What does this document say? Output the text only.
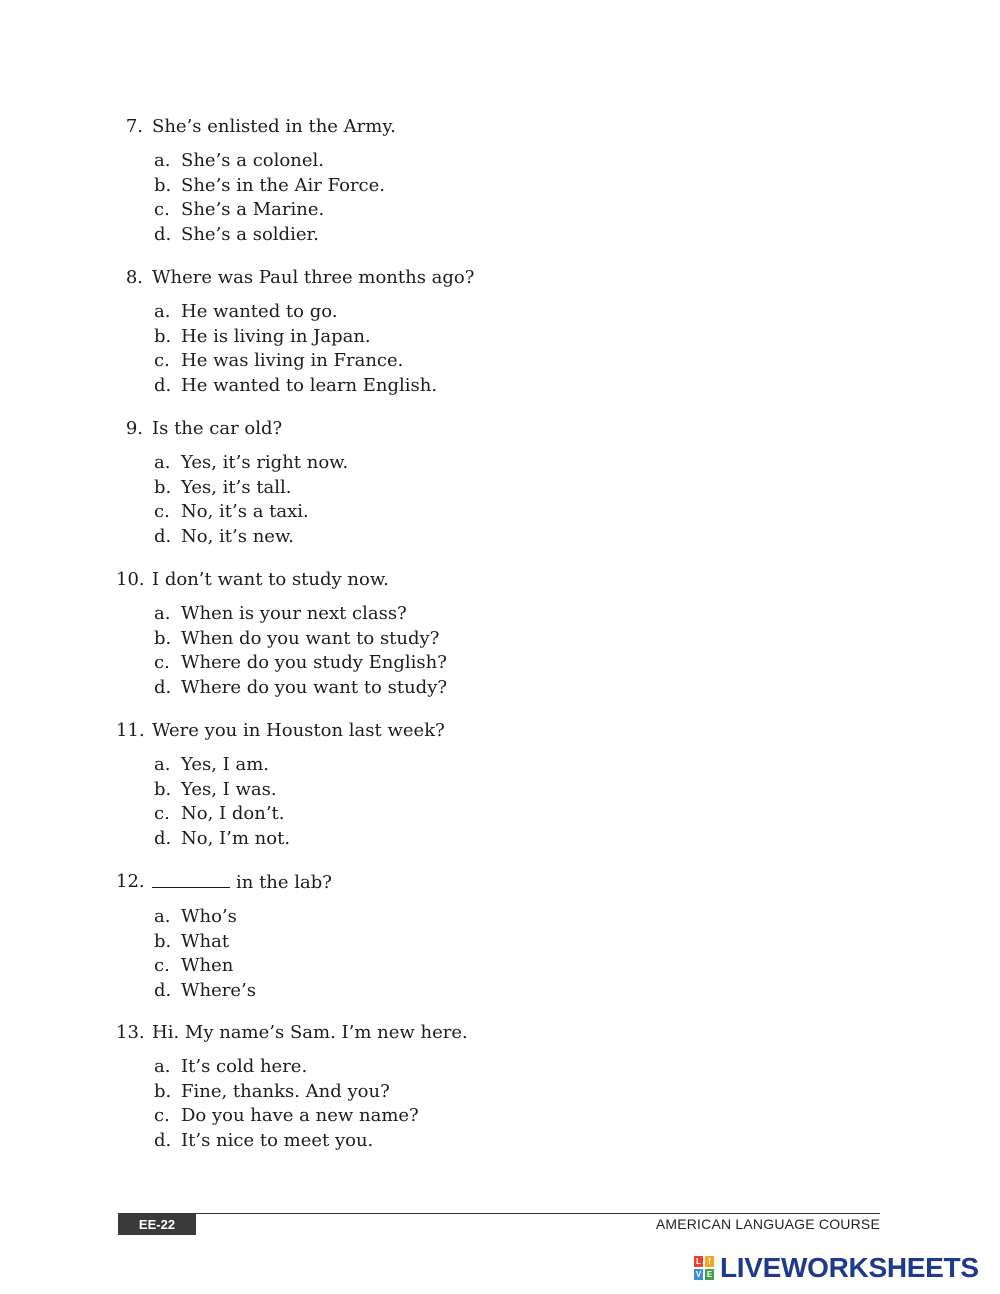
7. She’s enlisted in the Army.
a. She’s a colonel.
b. She’s in the Air Force.
c. She’s a Marine.
d. She’s a soldier.
8. Where was Paul three months ago?
a. He wanted to go.
b. He is living in Japan.
c. He was living in France.
d. He wanted to learn English.
9. Is the car old?
a. Yes, it’s right now.
b. Yes, it’s tall.
c. No, it’s a taxi.
d. No, it’s new.
10. I don’t want to study now.
a. When is your next class?
b. When do you want to study?
c. Where do you study English?
d. Where do you want to study?
11. Were you in Houston last week?
a. Yes, I am.
b. Yes, I was.
c. No, I don’t.
d. No, I’m not.
12.	in the lab?
a. Who’s
b. What
c. When
d. Where’s
13. Hi. My name’s Sam. I’m new here.
a. It’s cold here.
b. Fine, thanks. And you?
c. Do you have a new name?
d. It’s nice to meet you.
EE-22	AMERICAN LANGUAGE COURSE
L I
V E LIVEWORKSHEETS
